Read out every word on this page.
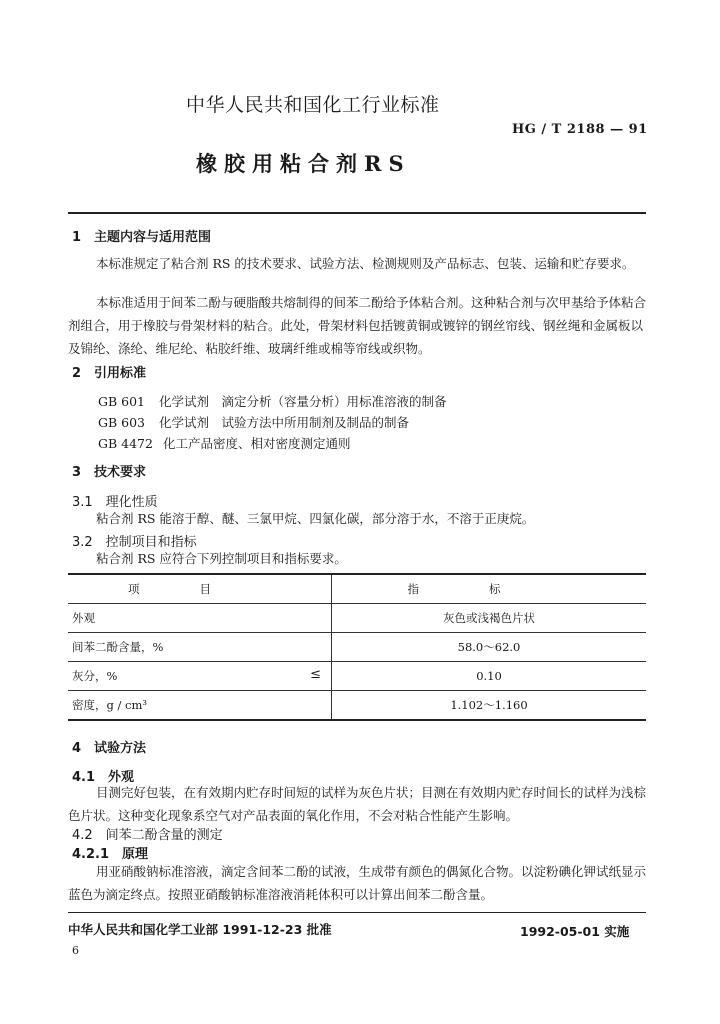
中华人民共和国化工行业标准
HG / T 2188 — 91
橡胶用粘合剂RS
1　主题内容与适用范围
本标准规定了粘合剂 RS 的技术要求、试验方法、检测规则及产品标志、包装、运输和贮存要求。
本标准适用于间苯二酚与硬脂酸共熔制得的间苯二酚给予体粘合剂。这种粘合剂与次甲基给予体粘合剂组合，用于橡胶与骨架材料的粘合。此处，骨架材料包括镀黄铜或镀锌的钢丝帘线、钢丝绳和金属板以及锦纶、涤纶、维尼纶、粘胶纤维、玻璃纤维或棉等帘线或织物。
2　引用标准
GB 601 化学试剂　滴定分析（容量分析）用标准溶液的制备
GB 603 化学试剂　试验方法中所用制剂及制品的制备
GB 4472 化工产品密度、相对密度测定通则
3　技术要求
3.1　理化性质
粘合剂 RS 能溶于醇、醚、三氯甲烷、四氯化碳，部分溶于水，不溶于正庚烷。
3.2　控制项目和指标
粘合剂 RS 应符合下列控制项目和指标要求。
项目	指标
外观	灰色或浅褐色片状
间苯二酚含量，%	58.0～62.0
灰分，% ≤	0.10
密度，g / cm³	1.102～1.160
4　试验方法
4.1　外观
目测完好包装，在有效期内贮存时间短的试样为灰色片状；目测在有效期内贮存时间长的试样为浅棕色片状。这种变化现象系空气对产品表面的氧化作用，不会对粘合性能产生影响。
4.2　间苯二酚含量的测定
4.2.1　原理
用亚硝酸钠标准溶液，滴定含间苯二酚的试液，生成带有颜色的偶氮化合物。以淀粉碘化钾试纸显示蓝色为滴定终点。按照亚硝酸钠标准溶液消耗体积可以计算出间苯二酚含量。
中华人民共和国化学工业部 1991-12-23 批准	1992-05-01 实施
6
